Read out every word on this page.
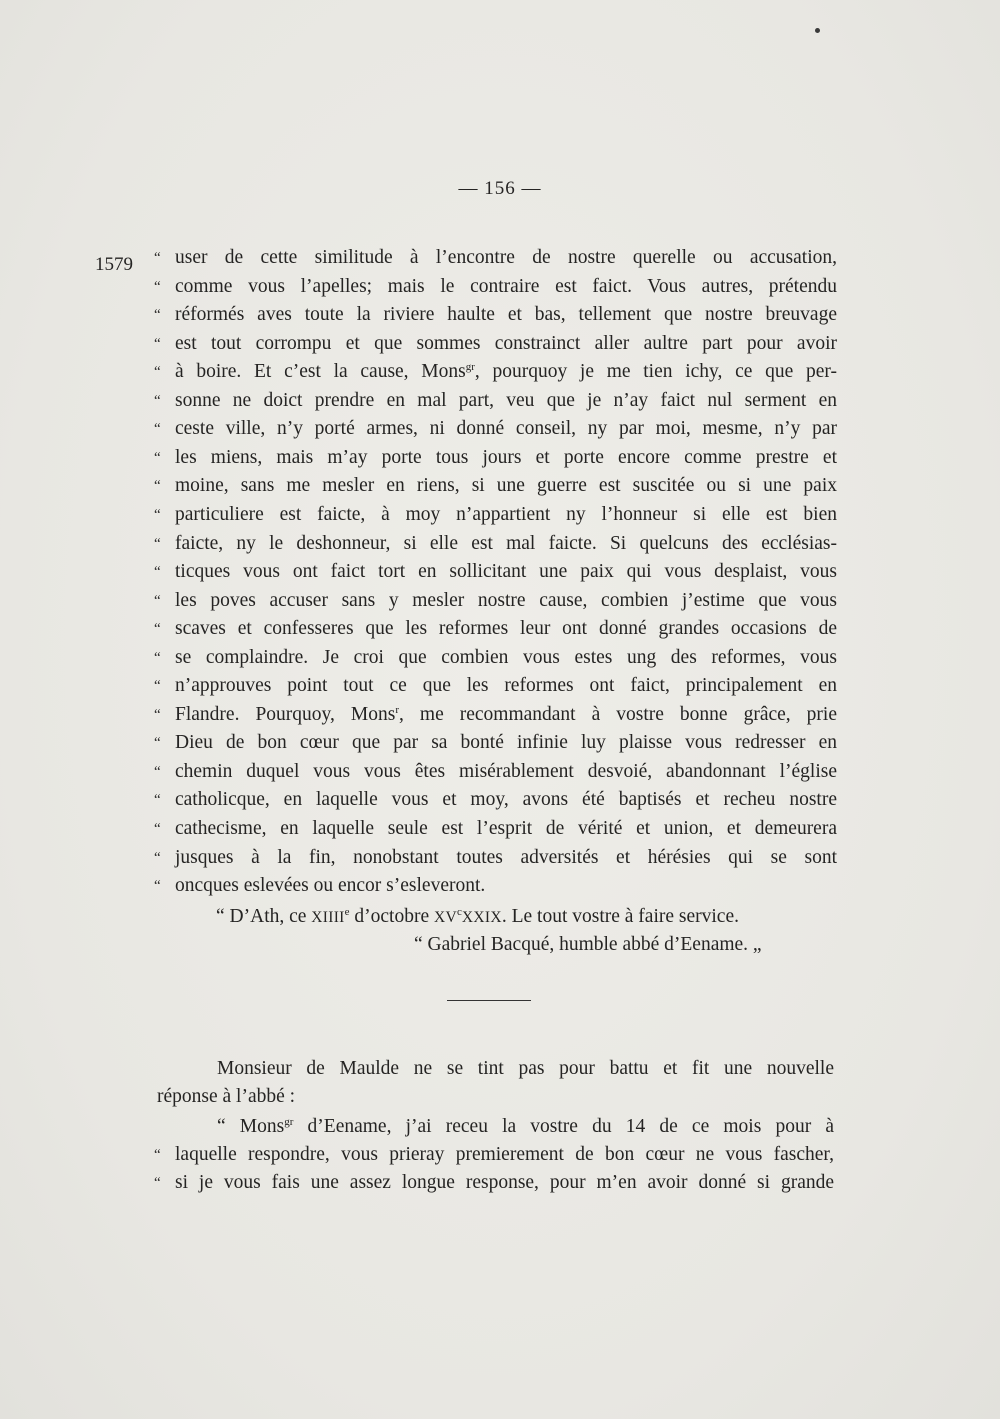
— 156 —
1579 “ user de cette similitude à l’encontre de nostre querelle ou accusation,
“ comme vous l’apelles; mais le contraire est faict. Vous autres, prétendu
“ réformés aves toute la riviere haulte et bas, tellement que nostre breuvage
“ est tout corrompu et que sommes constrainct aller aultre part pour avoir
“ à boire. Et c’est la cause, Mons$^{gr}$, pourquoy je me tien ichy, ce que per-
“ sonne ne doict prendre en mal part, veu que je n’ay faict nul serment en
“ ceste ville, n’y porté armes, ni donné conseil, ny par moi, mesme, n’y par
“ les miens, mais m’ay porte tous jours et porte encore comme prestre et
“ moine, sans me mesler en riens, si une guerre est suscitée ou si une paix
“ particuliere est faicte, à moy n’appartient ny l’honneur si elle est bien
“ faicte, ny le deshonneur, si elle est mal faicte. Si quelcuns des ecclésias-
“ ticques vous ont faict tort en sollicitant une paix qui vous desplaist, vous
“ les poves accuser sans y mesler nostre cause, combien j’estime que vous
“ scaves et confesseres que les reformes leur ont donné grandes occasions de
“ se complaindre. Je croi que combien vous estes ung des reformes, vous
“ n’approuves point tout ce que les reformes ont faict, principalement en
“ Flandre. Pourquoy, Mons$^r$, me recommandant à vostre bonne grâce, prie
“ Dieu de bon cœur que par sa bonté infinie luy plaisse vous redresser en
“ chemin duquel vous vous êtes misérablement desvoié, abandonnant l’église
“ catholicque, en laquelle vous et moy, avons été baptisés et recheu nostre
“ cathecisme, en laquelle seule est l’esprit de vérité et union, et demeurera
“ jusques à la fin, nonobstant toutes adversités et hérésies qui se sont
“ oncques eslevées ou encor s’esleveront.
“ D’Ath, ce XIIIIe d’octobre $XV^cXXIX$. Le tout vostre à faire service.
“ Gabriel Bacqué, humble abbé d’Eename. „
Monsieur de Maulde ne se tint pas pour battu et fit une nouvelle
réponse à l’abbé :
“ Mons$^{gr}$ d’Eename, j’ai receu la vostre du 14 de ce mois pour à
“ laquelle respondre, vous prieray premierement de bon cœur ne vous fascher,
“ si je vous fais une assez longue response, pour m’en avoir donné si grande
